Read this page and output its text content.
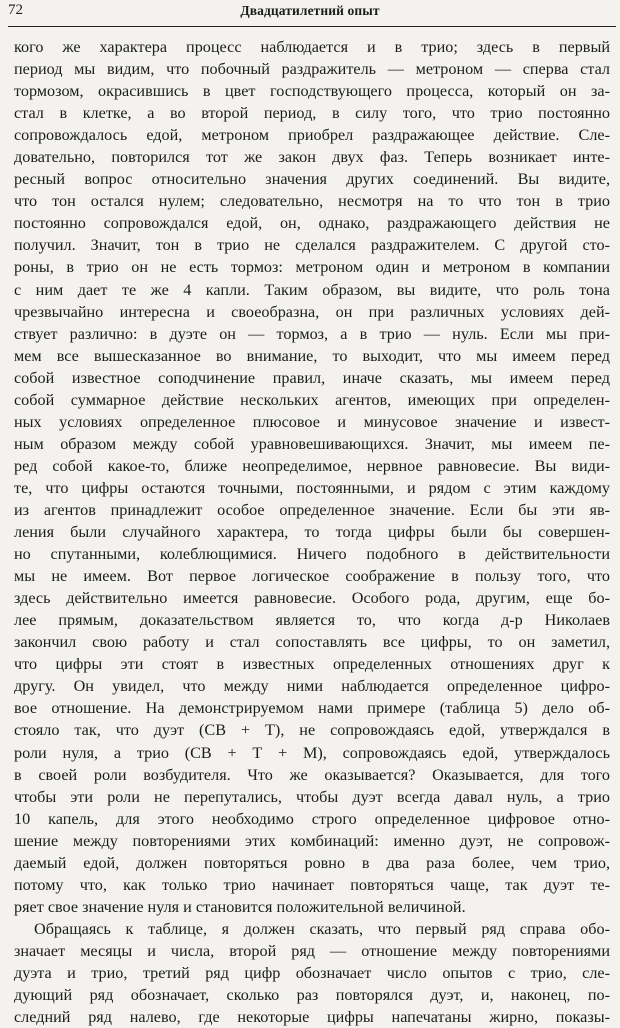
72	Двадцатилетний опыт
кого же характера процесс наблюдается и в трио; здесь в первый
период мы видим, что побочный раздражитель — метроном — сперва стал
тормозом, окрасившись в цвет господствующего процесса, который он за-
стал в клетке, а во второй период, в силу того, что трио постоянно
сопровождалось едой, метроном приобрел раздражающее действие. Сле-
довательно, повторился тот же закон двух фаз. Теперь возникает инте-
ресный вопрос относительно значения других соединений. Вы видите,
что тон остался нулем; следовательно, несмотря на то что тон в трио
постоянно сопровождался едой, он, однако, раздражающего действия не
получил. Значит, тон в трио не сделался раздражителем. С другой сто-
роны, в трио он не есть тормоз: метроном один и метроном в компании
с ним дает те же 4 капли. Таким образом, вы видите, что роль тона
чрезвычайно интересна и своеобразна, он при различных условиях дей-
ствует различно: в дуэте он — тормоз, а в трио — нуль. Если мы при-
мем все вышесказанное во внимание, то выходит, что мы имеем перед
собой известное соподчинение правил, иначе сказать, мы имеем перед
собой суммарное действие нескольких агентов, имеющих при определен-
ных условиях определенное плюсовое и минусовое значение и извест-
ным образом между собой уравновешивающихся. Значит, мы имеем пе-
ред собой какое-то, ближе неопределимое, нервное равновесие. Вы види-
те, что цифры остаются точными, постоянными, и рядом с этим каждому
из агентов принадлежит особое определенное значение. Если бы эти яв-
ления были случайного характера, то тогда цифры были бы совершен-
но спутанными, колеблющимися. Ничего подобного в действительности
мы не имеем. Вот первое логическое соображение в пользу того, что
здесь действительно имеется равновесие. Особого рода, другим, еще бо-
лее прямым, доказательством является то, что когда д-р Николаев
закончил свою работу и стал сопоставлять все цифры, то он заметил,
что цифры эти стоят в известных определенных отношениях друг к
другу. Он увидел, что между ними наблюдается определенное цифро-
вое отношение. На демонстрируемом нами примере (таблица 5) дело об-
стояло так, что дуэт (СВ + Т), не сопровождаясь едой, утверждался в
роли нуля, а трио (СВ + Т + М), сопровождаясь едой, утверждалось
в своей роли возбудителя. Что же оказывается? Оказывается, для того
чтобы эти роли не перепутались, чтобы дуэт всегда давал нуль, а трио
10 капель, для этого необходимо строго определенное цифровое отно-
шение между повторениями этих комбинаций: именно дуэт, не сопровож-
даемый едой, должен повторяться ровно в два раза более, чем трио,
потому что, как только трио начинает повторяться чаще, так дуэт те-
ряет свое значение нуля и становится положительной величиной.
Обращаясь к таблице, я должен сказать, что первый ряд справа обо-
значает месяцы и числа, второй ряд — отношение между повторениями
дуэта и трио, третий ряд цифр обозначает число опытов с трио, сле-
дующий ряд обозначает, сколько раз повторялся дуэт, и, наконец, по-
следний ряд налево, где некоторые цифры напечатаны жирно, показы-
